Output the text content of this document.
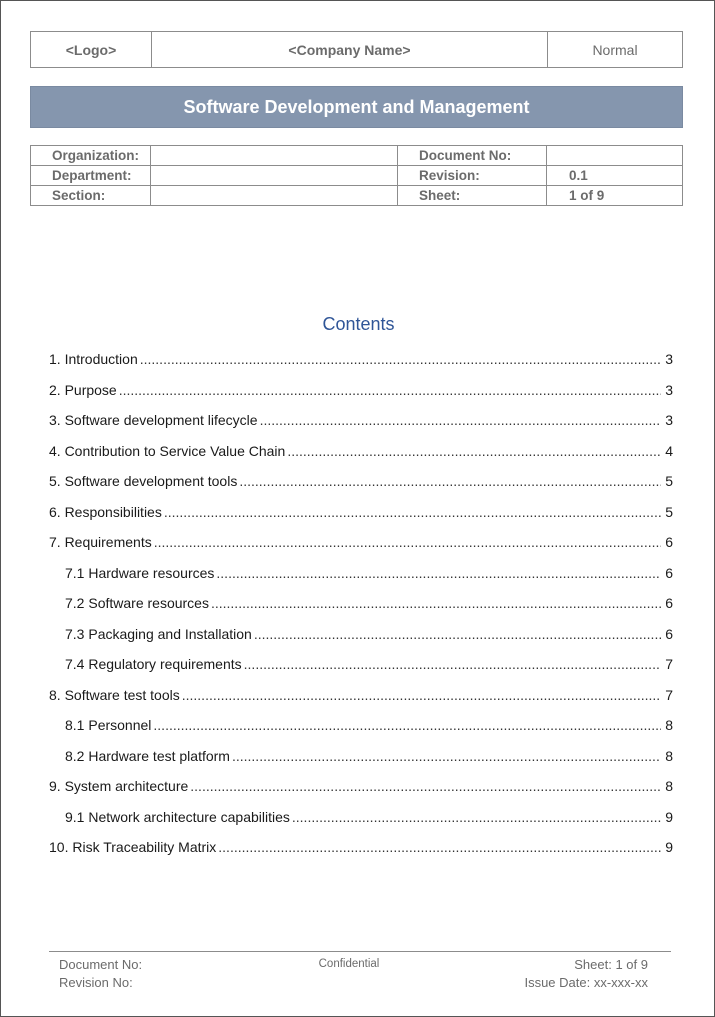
<Logo>	<Company Name>	Normal
Software Development and Management
Organization:		Document No:	
Department:		Revision:	0.1
Section:		Sheet:	1 of 9
Contents
1. Introduction .....	3
2. Purpose .....	3
3. Software development lifecycle .....	3
4. Contribution to Service Value Chain .....	4
5. Software development tools .....	5
6. Responsibilities .....	5
7. Requirements .....	6
7.1 Hardware resources .....	6
7.2 Software resources .....	6
7.3 Packaging and Installation .....	6
7.4 Regulatory requirements .....	7
8. Software test tools .....	7
8.1 Personnel .....	8
8.2 Hardware test platform .....	8
9. System architecture .....	8
9.1 Network architecture capabilities .....	9
10. Risk Traceability Matrix .....	9
Document No:
Revision No:
Confidential	Sheet: 1 of 9
Issue Date: xx-xxx-xx
